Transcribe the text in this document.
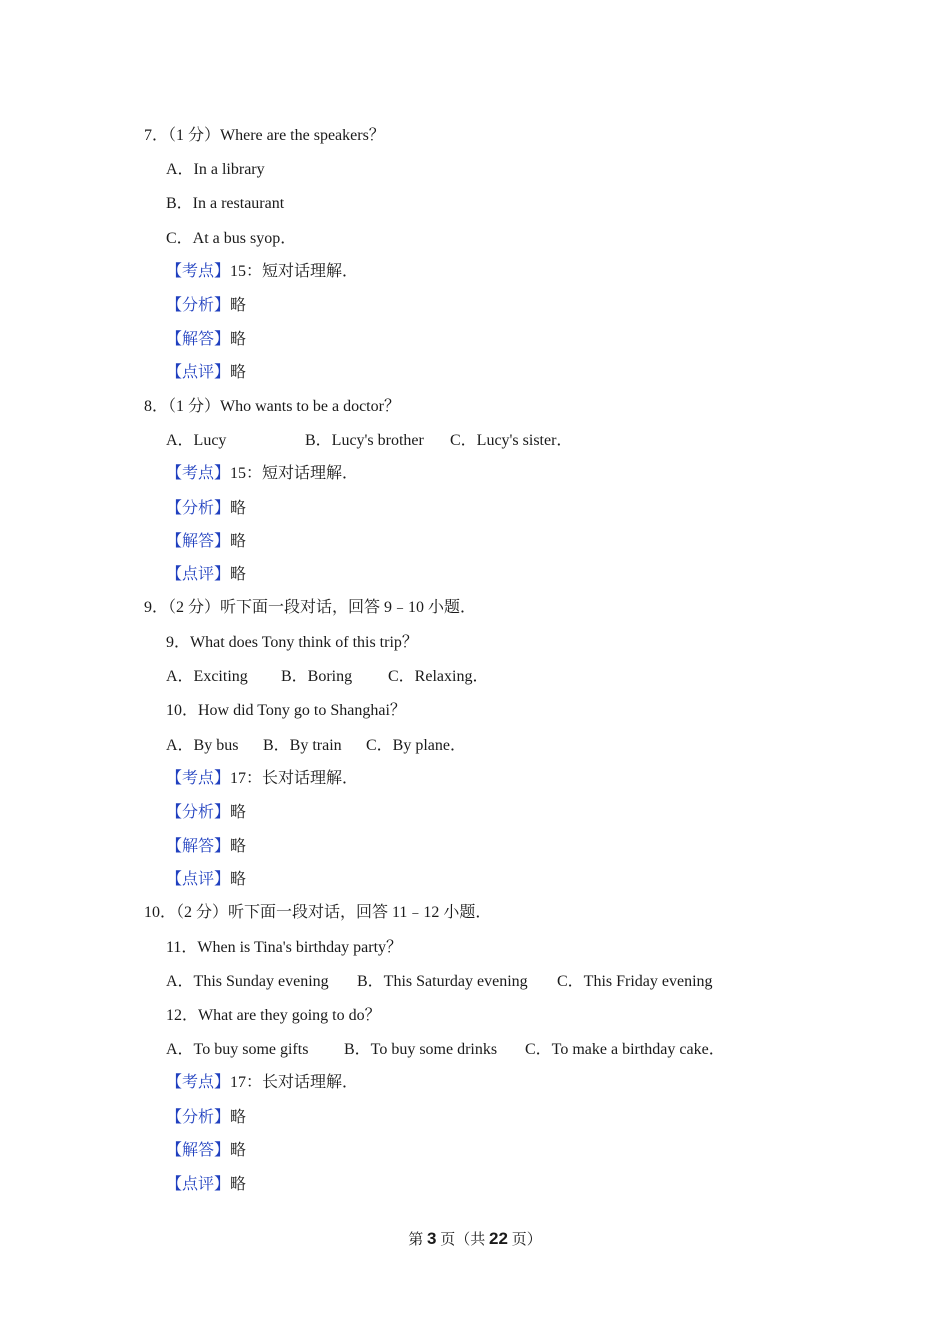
7．（1 分）Where are the speakers？
A．In a library
B．In a restaurant
C．At a bus syop．
【考点】15：短对话理解．
【分析】略
【解答】略
【点评】略
8．（1 分）Who wants to be a doctor？
A．Lucy	B．Lucy's brother C．Lucy's sister．
【考点】15：短对话理解．
【分析】略
【解答】略
【点评】略
9．（2 分）听下面一段对话，回答 9﹣10 小题．
9．What does Tony think of this trip？
A．Exciting B．Boring C．Relaxing．
10．How did Tony go to Shanghai？
A．By bus B．By train C．By plane．
【考点】17：长对话理解．
【分析】略
【解答】略
【点评】略
10．（2 分）听下面一段对话，回答 11﹣12 小题．
11．When is Tina's birthday party？
A．This Sunday evening B．This Saturday evening C．This Friday evening
12．What are they going to do？
A．To buy some gifts B．To buy some drinks C．To make a birthday cake．
【考点】17：长对话理解．
【分析】略
【解答】略
【点评】略
第 3 页（共 22 页）
